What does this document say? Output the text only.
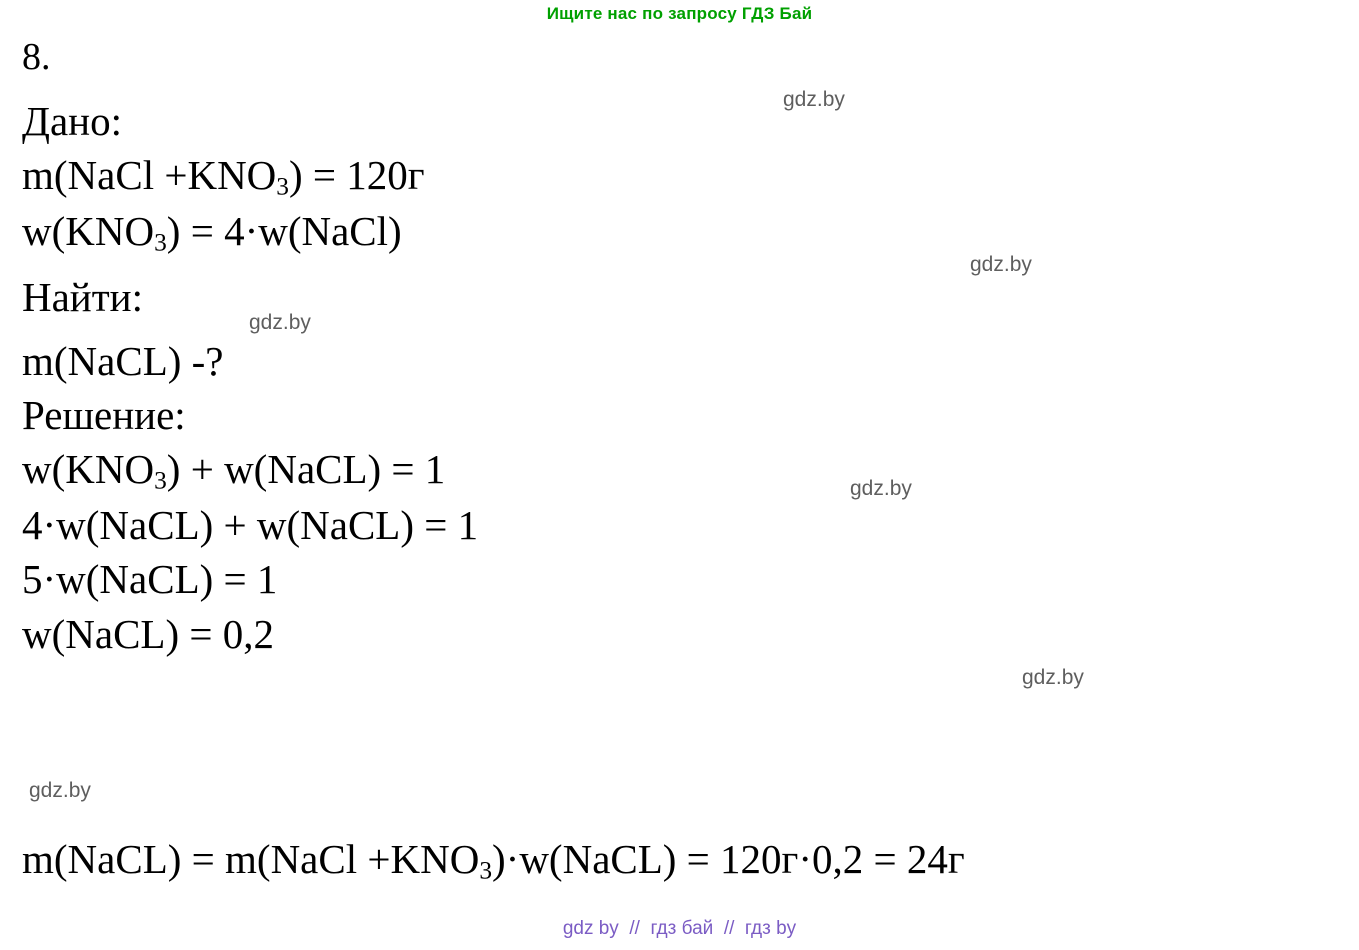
Ищите нас по запросу ГДЗ Бай
8.
Дано:
m(NaCl $+KNO_3) = 120г$
$w(KNO_3)$ = 4·w(NaCl)
Найти:
m(NaCL) -?
Решение:
$w(KNO_3)$ + w(NaCL) = 1
4·w(NaCL) + w(NaCL) = 1
5·w(NaCL) = 1
w(NaCL) = 0,2
m(NaCL) = m(NaCl $+KNO_3)\cdot w(NaCL) = 120г\cdot 0,2 = 24г$
gdz.by
gdz.by
gdz.by
gdz.by
gdz.by
gdz.by
gdz by  //  гдз бай  //  гдз by
